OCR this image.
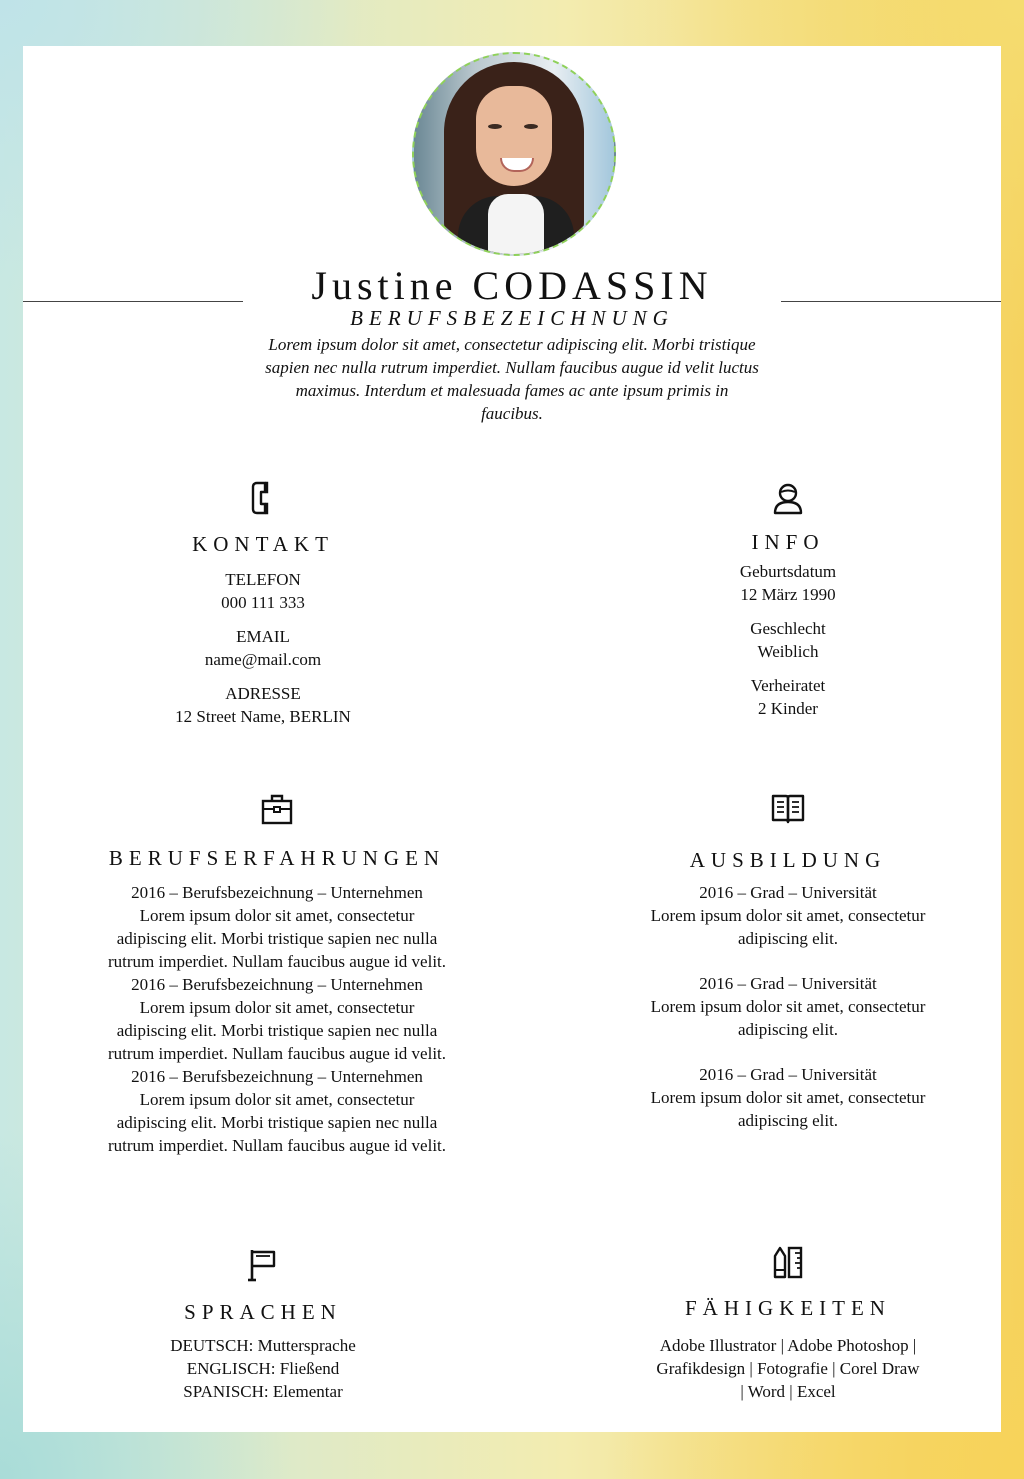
Justine CODASSIN
BERUFSBEZEICHNUNG
Lorem ipsum dolor sit amet, consectetur adipiscing elit. Morbi tristique sapien nec nulla rutrum imperdiet. Nullam faucibus augue id velit luctus maximus. Interdum et malesuada fames ac ante ipsum primis in faucibus.
KONTAKT

TELEFON

000 111 333

EMAIL

name@mail.com

ADRESSE

12 Street Name, BERLIN

INFO

Geburtsdatum

12 März 1990

Geschlecht

Weiblich

Verheiratet

2 Kinder

BERUFSERFAHRUNGEN

2016 – Berufsbezeichnung – Unternehmen

Lorem ipsum dolor sit amet, consectetur adipiscing elit. Morbi tristique sapien nec nulla rutrum imperdiet. Nullam faucibus augue id velit.

2016 – Berufsbezeichnung – Unternehmen

Lorem ipsum dolor sit amet, consectetur adipiscing elit. Morbi tristique sapien nec nulla rutrum imperdiet. Nullam faucibus augue id velit.

2016 – Berufsbezeichnung – Unternehmen

Lorem ipsum dolor sit amet, consectetur adipiscing elit. Morbi tristique sapien nec nulla rutrum imperdiet. Nullam faucibus augue id velit.

AUSBILDUNG

2016 – Grad – Universität

Lorem ipsum dolor sit amet, consectetur adipiscing elit.

2016 – Grad – Universität

Lorem ipsum dolor sit amet, consectetur adipiscing elit.

2016 – Grad – Universität

Lorem ipsum dolor sit amet, consectetur adipiscing elit.

SPRACHEN

DEUTSCH: Muttersprache

ENGLISCH: Fließend

SPANISCH: Elementar

FÄHIGKEITEN

Adobe Illustrator | Adobe Photoshop |

Grafikdesign | Fotografie | Corel Draw

| Word | Excel
